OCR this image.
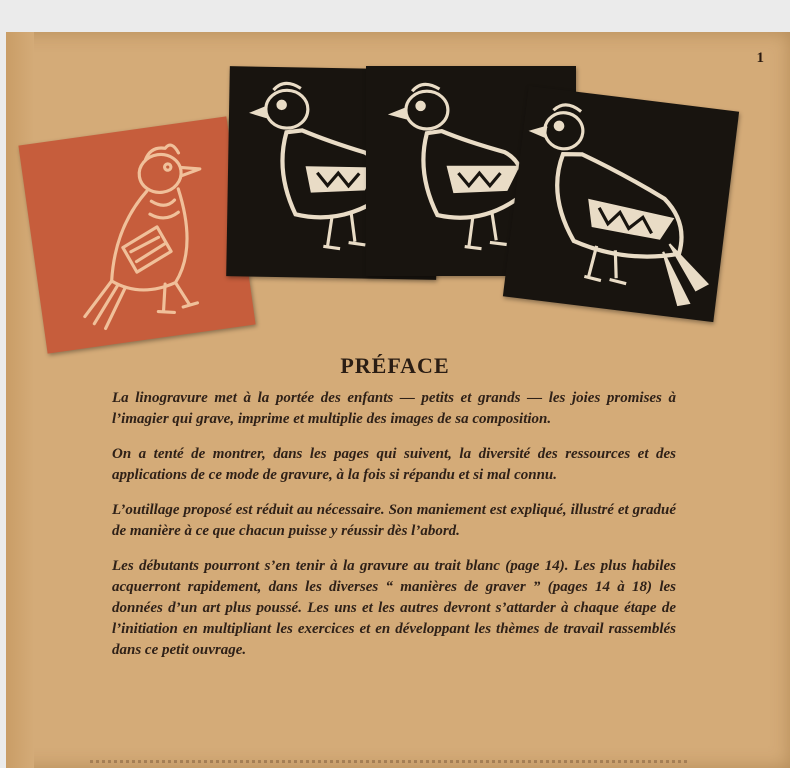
1
PRÉFACE

La linogravure met à la portée des enfants — petits et grands — les joies promises à l’imagier qui grave, imprime et multiplie des images de sa composition.

On a tenté de montrer, dans les pages qui suivent, la diversité des ressources et des applications de ce mode de gravure, à la fois si répandu et si mal connu.

L’outillage proposé est réduit au nécessaire. Son maniement est expliqué, illustré et gradué de manière à ce que chacun puisse y réussir dès l’abord.

Les débutants pourront s’en tenir à la gravure au trait blanc (page 14). Les plus habiles acquerront rapidement, dans les diverses “ manières de graver ” (pages 14 à 18) les données d’un art plus poussé. Les uns et les autres devront s’attarder à chaque étape de l’initiation en multipliant les exercices et en développant les thèmes de travail rassemblés dans ce petit ouvrage.
